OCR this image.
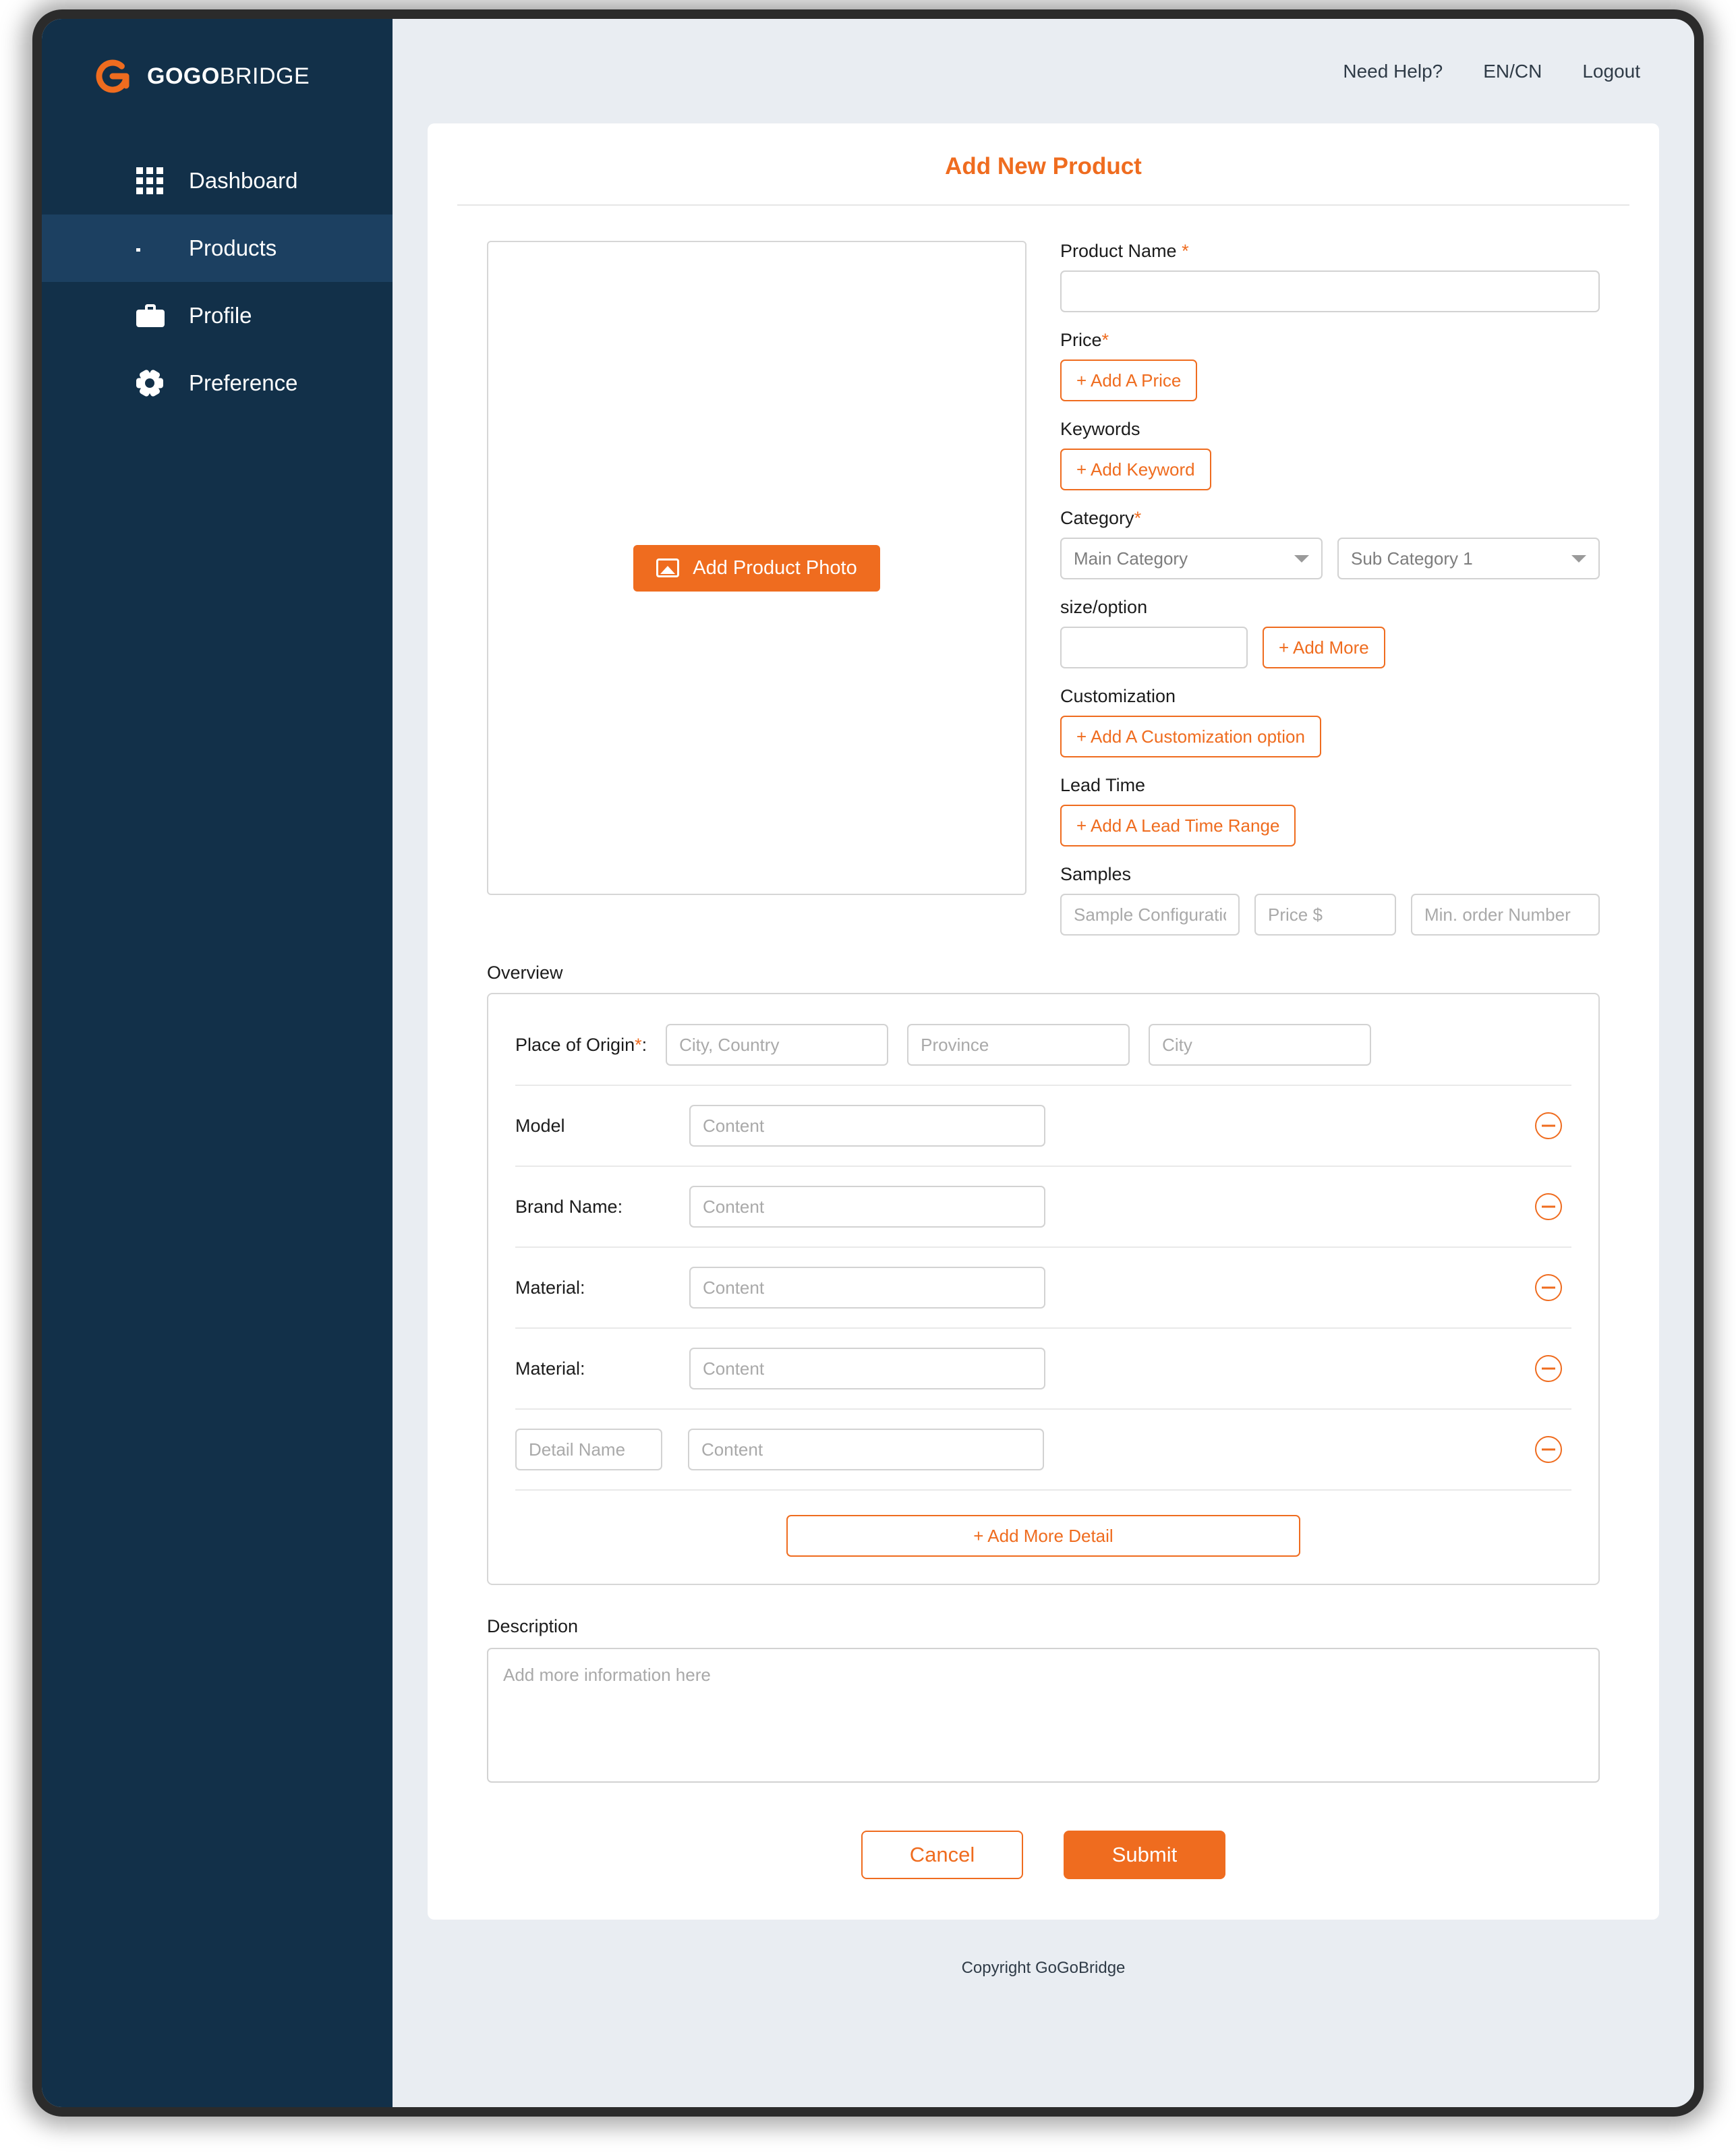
GOGOBRIDGE
Dashboard
Products
Profile
Preference
Need Help? EN/CN Logout
Add New Product
Add Product Photo
Product Name *
Price*
+ Add A Price
Keywords
+ Add Keyword
Category*
Main Category	Sub Category 1
size/option
+ Add More
Customization
+ Add A Customization option
Lead Time
+ Add A Lead Time Range
Samples
Sample Configuration
Price $
Min. order Number
Overview
Place of Origin*:
City, Country
Province
City
Model
Content
Brand Name:
Content
Material:
Content
Material:
Content
Detail Name
Content
+ Add More Detail
Description
Add more information here
Cancel	Submit
Copyright GoGoBridge
